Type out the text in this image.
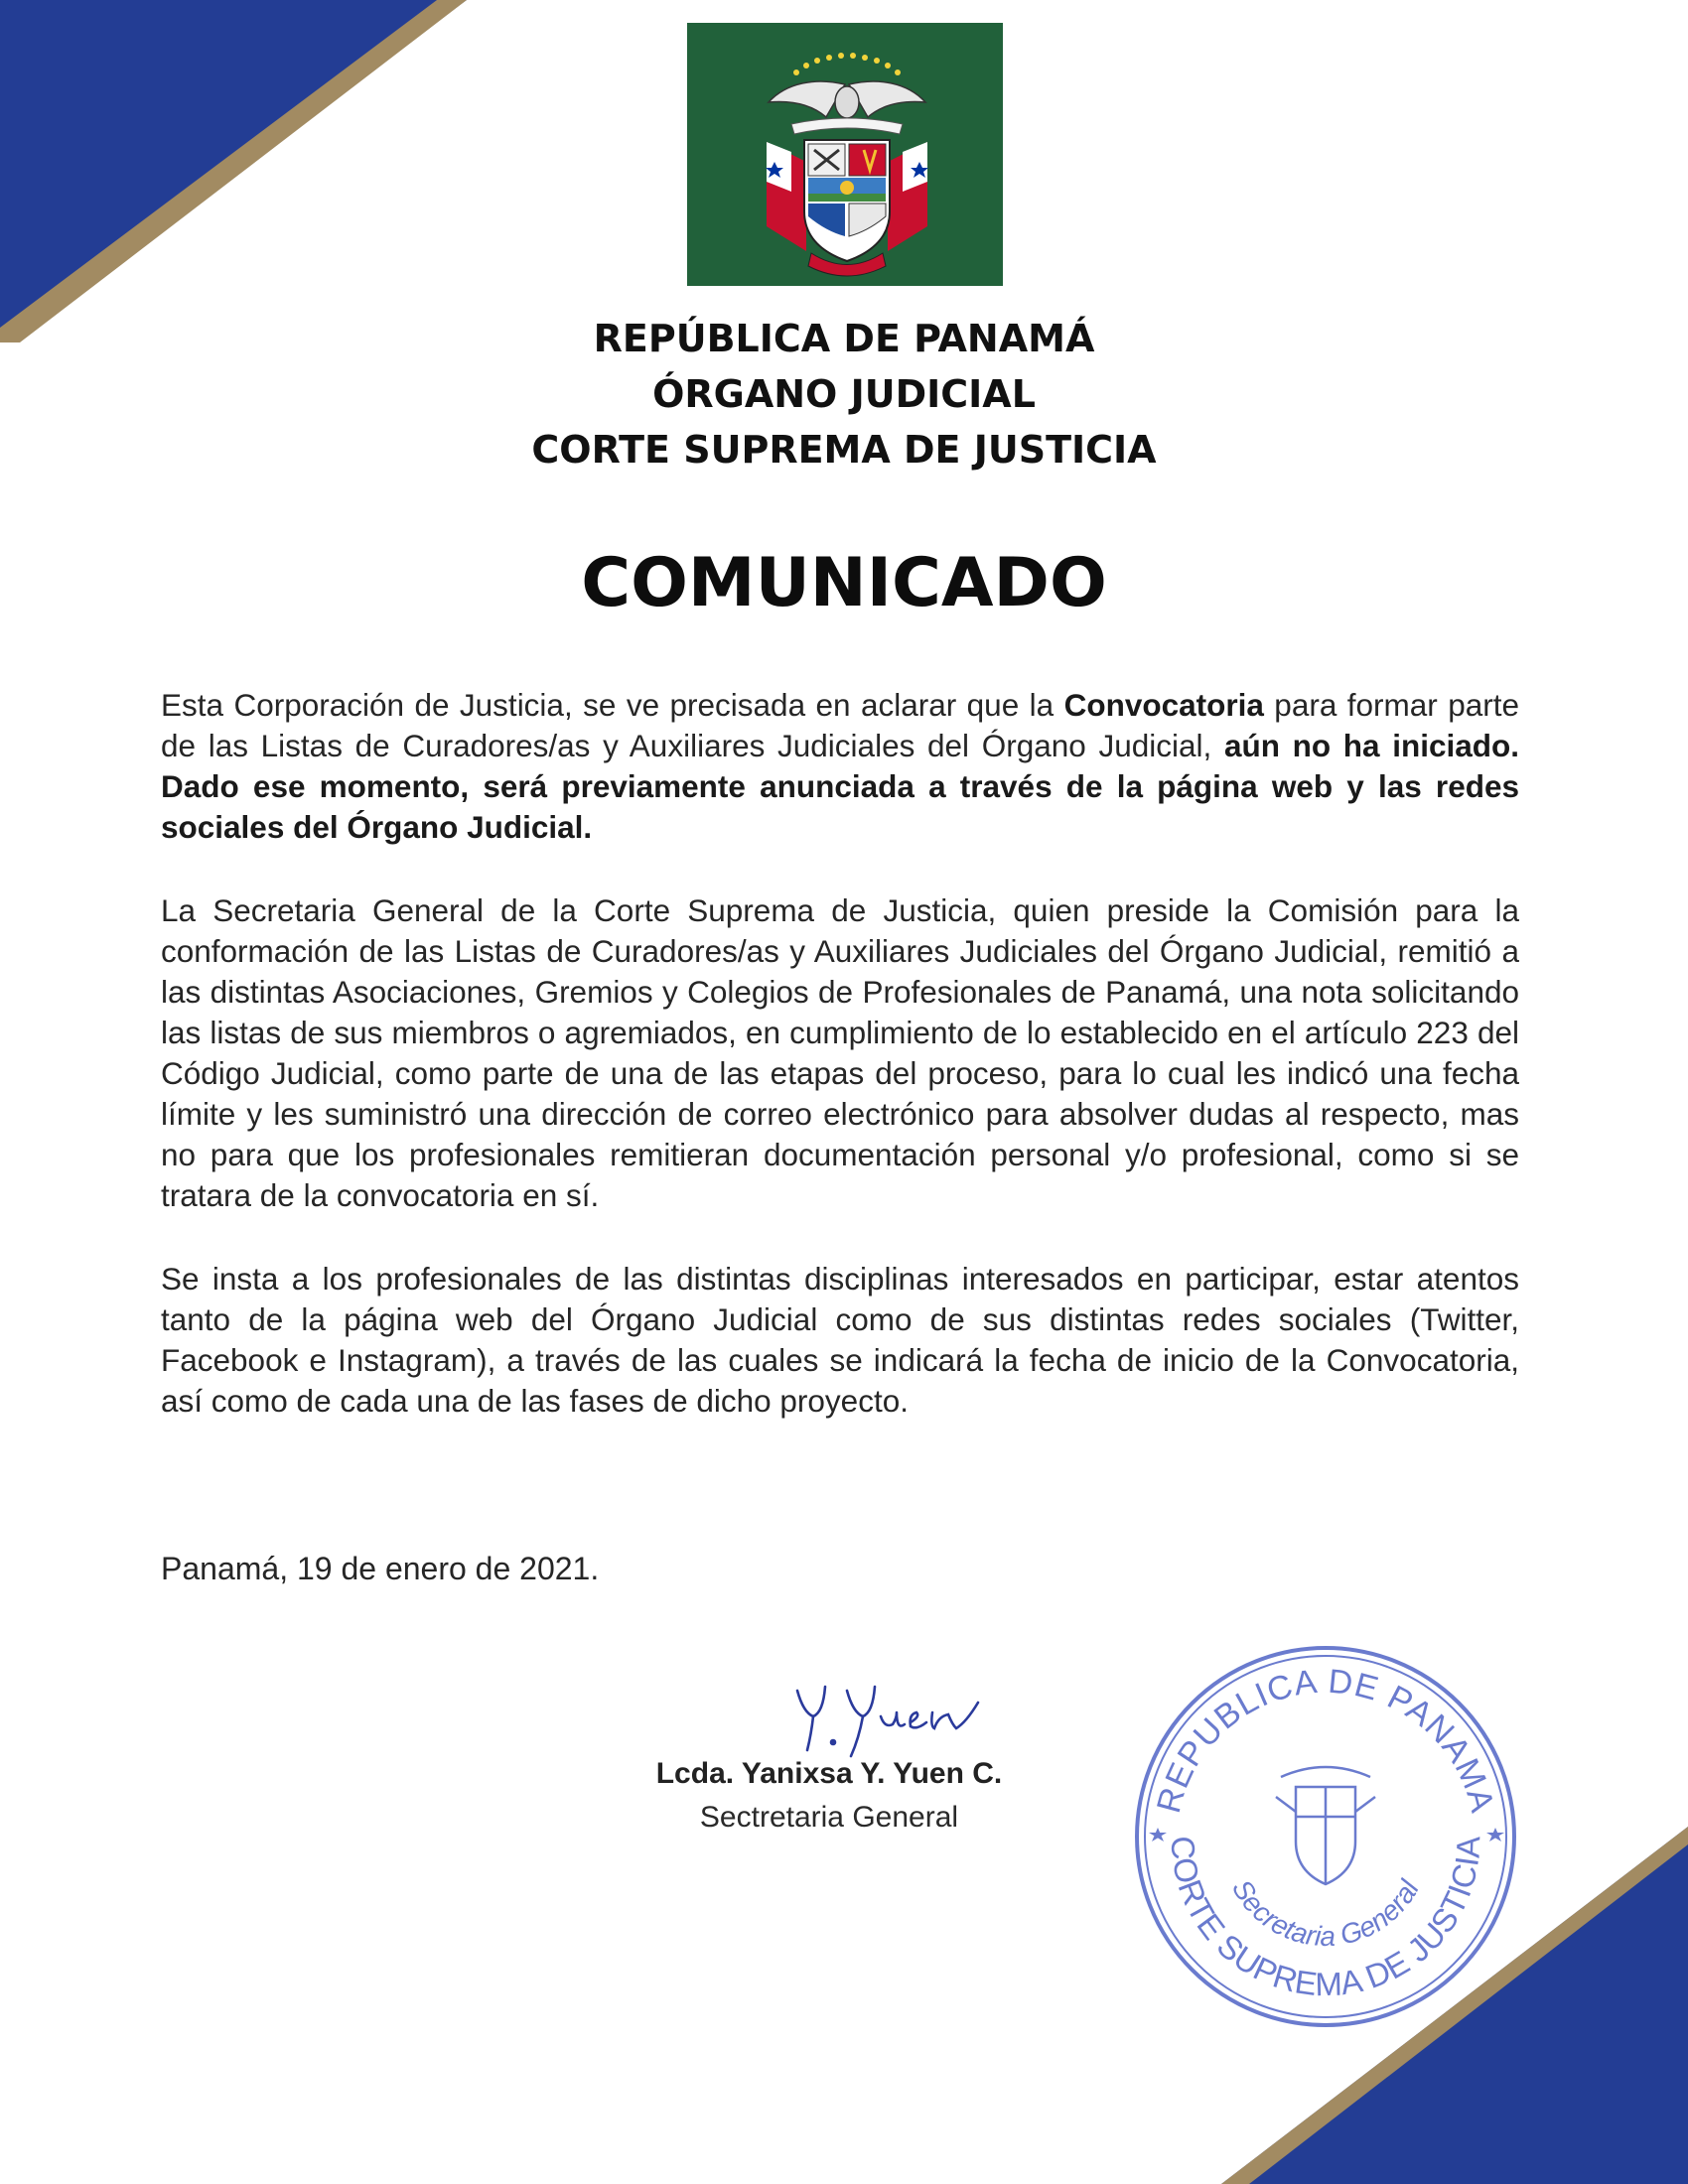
REPÚBLICA DE PANAMÁ
ÓRGANO JUDICIAL
CORTE SUPREMA DE JUSTICIA
COMUNICADO

Esta Corporación de Justicia, se ve precisada en aclarar que la Convocatoria para formar parte de las Listas de Curadores/as y Auxiliares Judiciales del Órgano Judicial, aún no ha iniciado. Dado ese momento, será previamente anunciada a través de la página web y las redes sociales del Órgano Judicial.

La Secretaria General de la Corte Suprema de Justicia, quien preside la Comisión para la conformación de las Listas de Curadores/as y Auxiliares Judiciales del Órgano Judicial, remitió a las distintas Asociaciones, Gremios y Colegios de Profesionales de Panamá, una nota solicitando las listas de sus miembros o agremiados, en cumplimiento de lo establecido en el artículo 223 del Código Judicial, como parte de una de las etapas del proceso, para lo cual les indicó una fecha límite y les suministró una dirección de correo electrónico para absolver dudas al respecto, mas no para que los profesionales remitieran documentación personal y/o profesional, como si se tratara de la convocatoria en sí.

Se insta a los profesionales de las distintas disciplinas interesados en participar, estar atentos tanto de la página web del Órgano Judicial como de sus distintas redes sociales (Twitter, Facebook e Instagram), a través de las cuales se indicará la fecha de inicio de la Convocatoria, así como de cada una de las fases de dicho proyecto.

Panamá, 19 de enero de 2021.
Lcda. Yanixsa Y. Yuen C.
Sectretaria General
REPUBLICA DE PANAMA
CORTE SUPREMA DE JUSTICIA
Secretaria General
